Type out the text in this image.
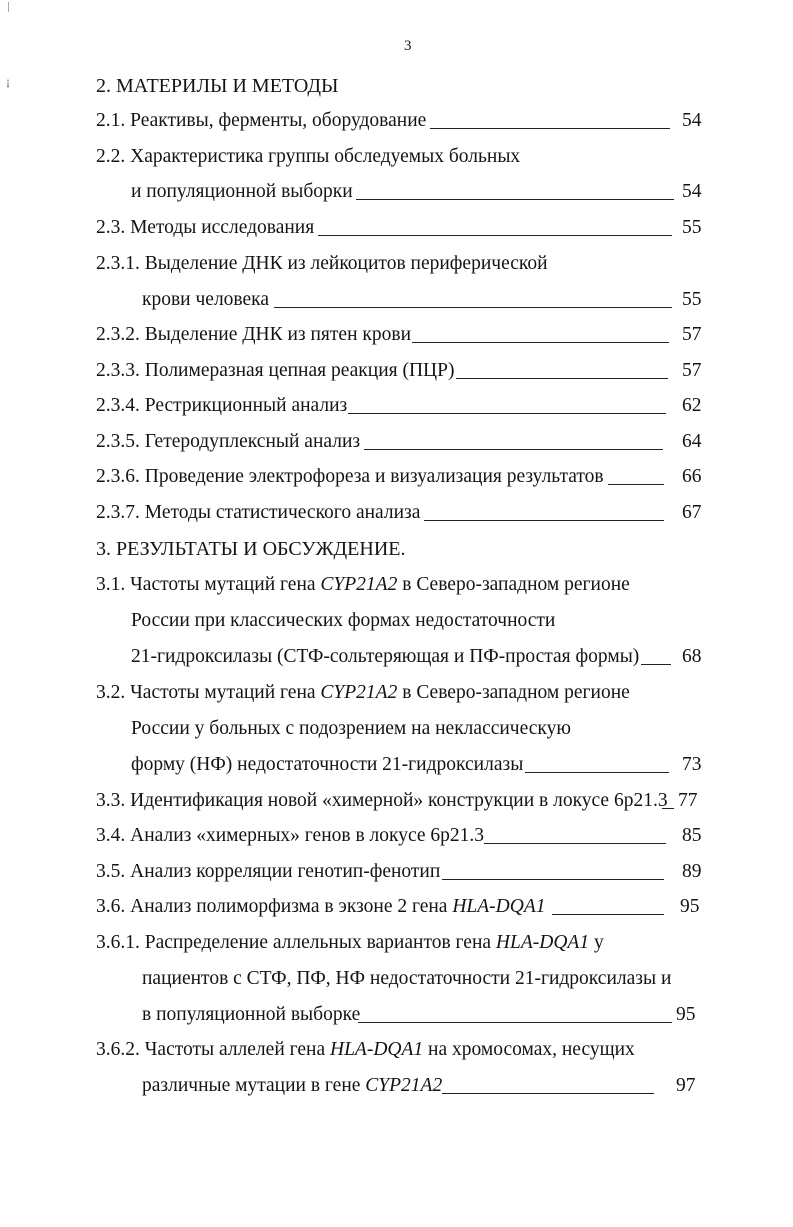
¡
3
2. МАТЕРИЛЫ И МЕТОДЫ
2.1. Реактивы, ферменты, оборудование	54
2.2. Характеристика группы обследуемых больных
и популяционной выборки	54
2.3. Методы исследования	55
2.3.1. Выделение ДНК из лейкоцитов периферической
крови человека	55
2.3.2. Выделение ДНК из пятен крови	57
2.3.3. Полимеразная цепная реакция (ПЦР)	57
2.3.4. Рестрикционный анализ	62
2.3.5. Гетеродуплексный анализ	64
2.3.6. Проведение электрофореза и визуализация результатов	66
2.3.7. Методы статистического анализа	67
3. РЕЗУЛЬТАТЫ И ОБСУЖДЕНИЕ.
3.1. Частоты мутаций гена CYP21A2 в Северо-западном регионе
России при классических формах недостаточности
21-гидроксилазы (СТФ-сольтеряющая и ПФ-простая формы) 68
3.2. Частоты мутаций гена CYP21A2 в Северо-западном регионе
России у больных с подозрением на неклассическую
форму (НФ) недостаточности 21-гидроксилазы	73
3.3. Идентификация новой «химерной» конструкции в локусе 6р21.3 77
3.4. Анализ «химерных» генов в локусе 6р21.3	85
3.5. Анализ корреляции генотип-фенотип	89
3.6. Анализ полиморфизма в экзоне 2 гена HLA-DQA1	95
3.6.1. Распределение аллельных вариантов гена HLA-DQA1 у
пациентов с СТФ, ПФ, НФ недостаточности 21-гидроксилазы и
в популяционной выборке	95
3.6.2. Частоты аллелей гена HLA-DQA1 на хромосомах, несущих
различные мутации в гене CYP21A2	97
